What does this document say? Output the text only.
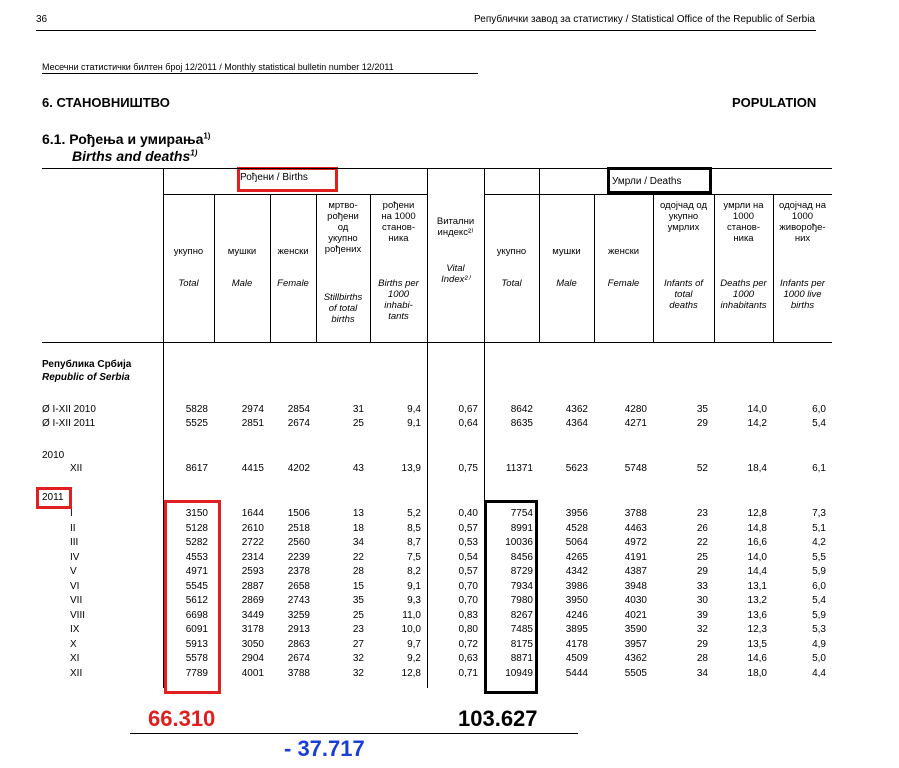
36	Републички завод за статистику / Statistical Office of the Republic of Serbia
Месечни статистички билтен број 12/2011 / Monthly statistical bulletin number 12/2011
6. СТАНОВНИШТВО	POPULATION
6.1. Рођења и умирања$^{1)}$
Births and deaths$^{1)}$
Рођени / Births	Умрли / Deaths
Република Србија
Republic of Serbia
2010
2011
66.310	103.627
- 37.717
укупно
Total
мушки
Male
женски
Female
мртво-
рођени
од
укупно
рођених
Stillbirths
of total
births
рођени
на 1000
станов-
ника
Births per
1000
inhabi-
tants
Витални
индекс²⁾
Vital
Index²⁾
укупно
Total
мушки
Male
женски
Female
одојчад од
укупно
умрлих
Infants of
total
deaths
умрли на
1000
станов-
ника
Deaths per
1000
inhabitants
одојчад на
1000
живорође-
них
Infants per
1000 live
births
Ø I-XII 2010	5828	2974	2854	31	9,4	0,67	8642	4362	4280	35	14,0	6,0
Ø I-XII 2011	5525	2851	2674	25	9,1	0,64	8635	4364	4271	29	14,2	5,4
XII	8617	4415	4202	43	13,9	0,75	11371	5623	5748	52	18,4	6,1
I	3150	1644	1506	13	5,2	0,40	7754	3956	3788	23	12,8	7,3
II	5128	2610	2518	18	8,5	0,57	8991	4528	4463	26	14,8	5,1
III	5282	2722	2560	34	8,7	0,53	10036	5064	4972	22	16,6	4,2
IV	4553	2314	2239	22	7,5	0,54	8456	4265	4191	25	14,0	5,5
V	4971	2593	2378	28	8,2	0,57	8729	4342	4387	29	14,4	5,9
VI	5545	2887	2658	15	9,1	0,70	7934	3986	3948	33	13,1	6,0
VII	5612	2869	2743	35	9,3	0,70	7980	3950	4030	30	13,2	5,4
VIII	6698	3449	3259	25	11,0	0,83	8267	4246	4021	39	13,6	5,9
IX	6091	3178	2913	23	10,0	0,80	7485	3895	3590	32	12,3	5,3
X	5913	3050	2863	27	9,7	0,72	8175	4178	3957	29	13,5	4,9
XI	5578	2904	2674	32	9,2	0,63	8871	4509	4362	28	14,6	5,0
XII	7789	4001	3788	32	12,8	0,71	10949	5444	5505	34	18,0	4,4
